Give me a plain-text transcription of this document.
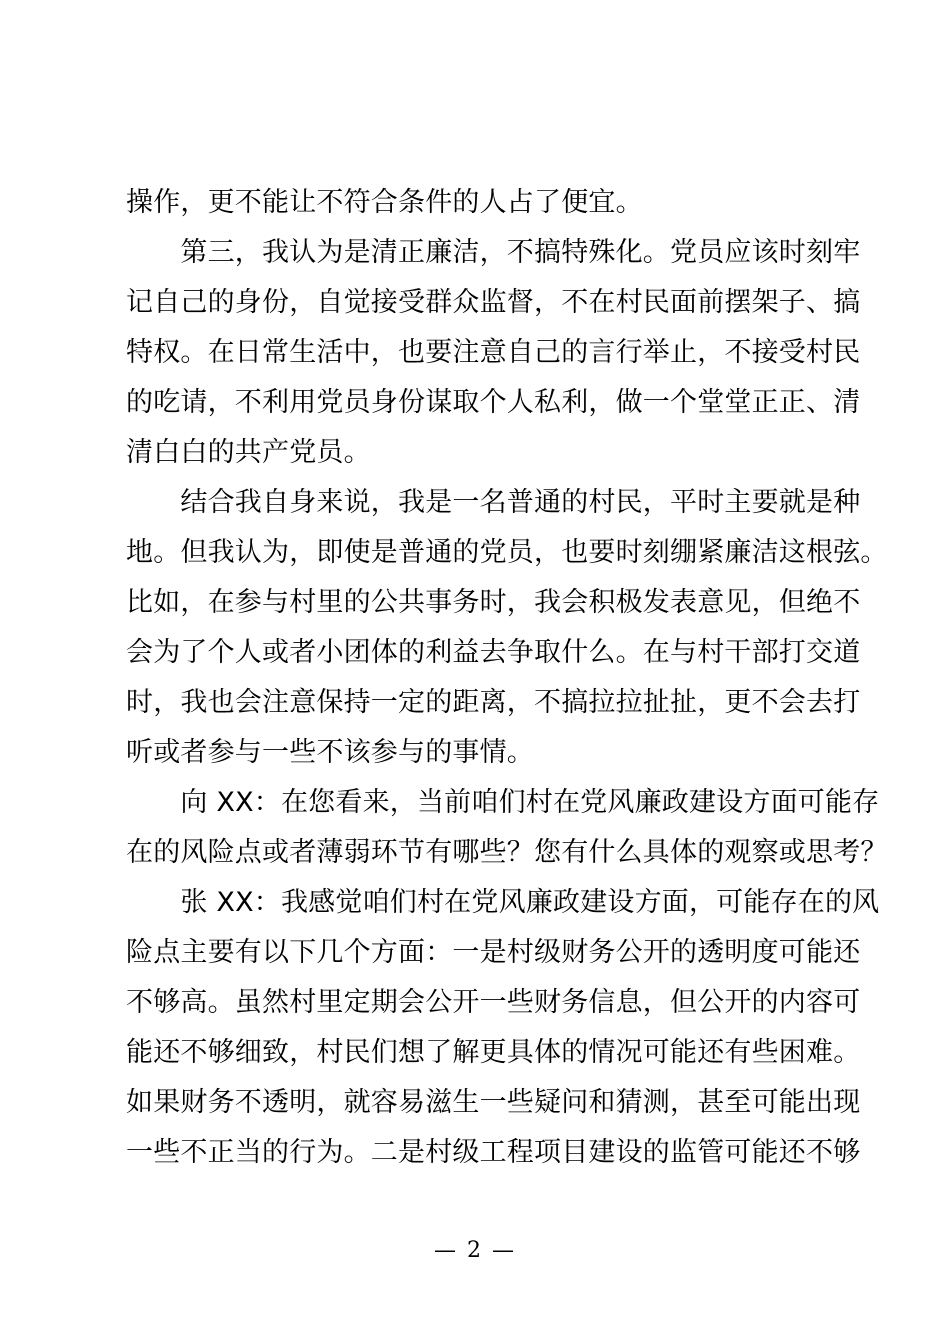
操作，更不能让不符合条件的人占了便宜。
　　第三，我认为是清正廉洁，不搞特殊化。党员应该时刻牢
记自己的身份，自觉接受群众监督，不在村民面前摆架子、搞
特权。在日常生活中，也要注意自己的言行举止，不接受村民
的吃请，不利用党员身份谋取个人私利，做一个堂堂正正、清
清白白的共产党员。
　　结合我自身来说，我是一名普通的村民，平时主要就是种
地。但我认为，即使是普通的党员，也要时刻绷紧廉洁这根弦。
比如，在参与村里的公共事务时，我会积极发表意见，但绝不
会为了个人或者小团体的利益去争取什么。在与村干部打交道
时，我也会注意保持一定的距离，不搞拉拉扯扯，更不会去打
听或者参与一些不该参与的事情。
　　向 XX：在您看来，当前咱们村在党风廉政建设方面可能存
在的风险点或者薄弱环节有哪些？您有什么具体的观察或思考？
　　张 XX：我感觉咱们村在党风廉政建设方面，可能存在的风
险点主要有以下几个方面：一是村级财务公开的透明度可能还
不够高。虽然村里定期会公开一些财务信息，但公开的内容可
能还不够细致，村民们想了解更具体的情况可能还有些困难。
如果财务不透明，就容易滋生一些疑问和猜测，甚至可能出现
一些不正当的行为。二是村级工程项目建设的监管可能还不够
— 2 —
